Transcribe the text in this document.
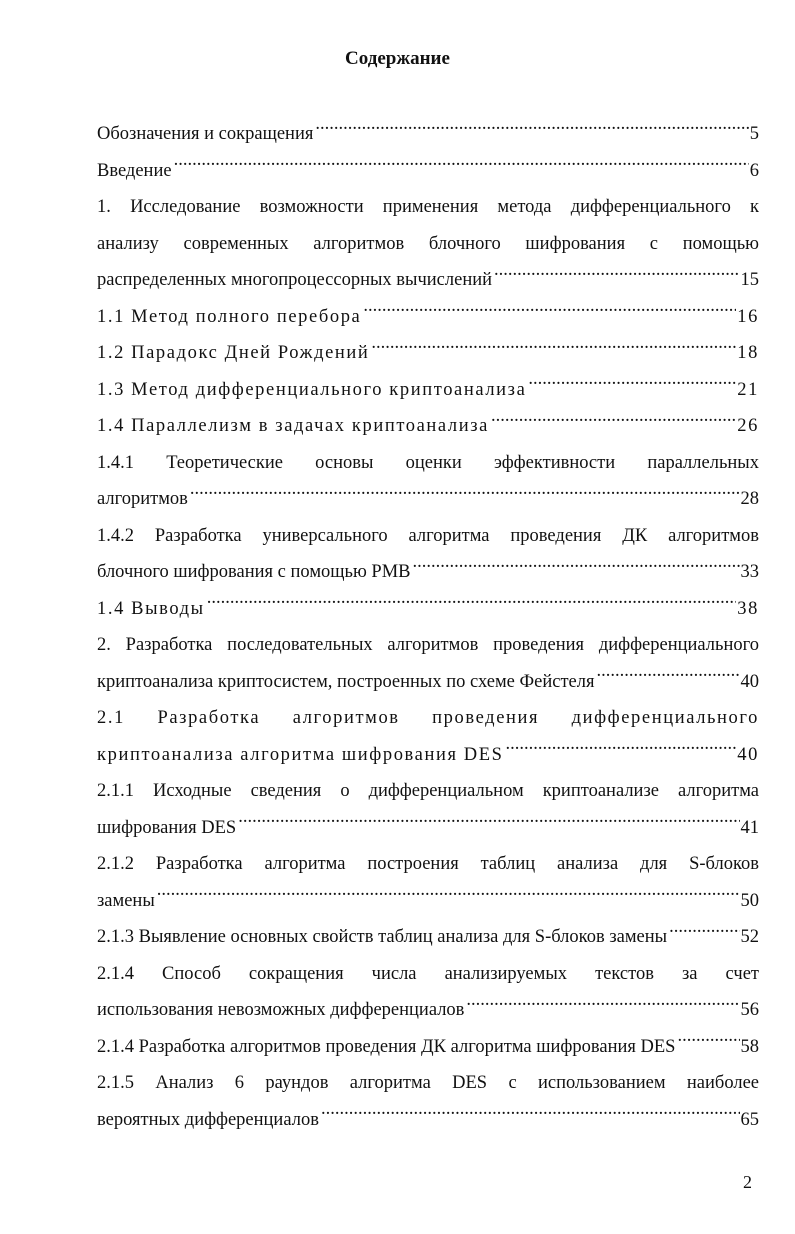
Содержание
Обозначения и сокращения .....	5
Введение .....	6
1. Исследование возможности применения метода дифференциального к
анализу современных алгоритмов блочного шифрования с помощью
распределенных многопроцессорных вычислений .....	15
1.1 Метод полного перебора .....	16
1.2 Парадокс Дней Рождений .....	18
1.3 Метод дифференциального криптоанализа .....	21
1.4 Параллелизм в задачах криптоанализа .....	26
1.4.1 Теоретические основы оценки эффективности параллельных
алгоритмов .....	28
1.4.2 Разработка универсального алгоритма проведения ДК алгоритмов
блочного шифрования с помощью РМВ .....	33
1.4 Выводы .....	38
2. Разработка последовательных алгоритмов проведения дифференциального
криптоанализа криптосистем, построенных по схеме Фейстеля .....	40
2.1 Разработка алгоритмов проведения дифференциального
криптоанализа алгоритма шифрования DES .....	40
2.1.1 Исходные сведения о дифференциальном криптоанализе алгоритма
шифрования DES .....	41
2.1.2 Разработка алгоритма построения таблиц анализа для S-блоков
замены .....	50
2.1.3 Выявление основных свойств таблиц анализа для S-блоков замены .....	52
2.1.4 Способ сокращения числа анализируемых текстов за счет
использования невозможных дифференциалов .....	56
2.1.4 Разработка алгоритмов проведения ДК алгоритма шифрования DES .....	58
2.1.5 Анализ 6 раундов алгоритма DES с использованием наиболее
вероятных дифференциалов .....	65
2
